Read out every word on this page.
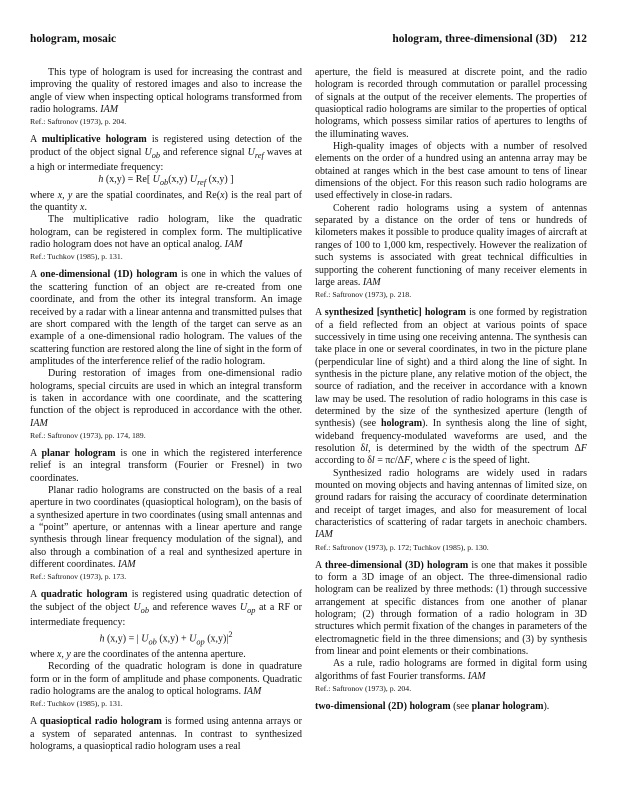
hologram, mosaic	hologram, three-dimensional (3D) 212

This type of hologram is used for increasing the contrast and improving the quality of restored images and also to increase the angle of view when inspecting optical holograms transformed from radio holograms. IAM

Ref.: Saftronov (1973), p. 204.

A multiplicative hologram is registered using detection of the product of the object signal $U_{ob}$ and reference signal $U_{ref}$ waves at a high or intermediate frequency:

h (x,y) = Re[ $U_{ob}(x,y)$ $U_{ref}$ (x,y) ]

where x, y are the spatial coordinates, and Re(x) is the real part of the quantity x.

The multiplicative radio hologram, like the quadratic hologram, can be registered in complex form. The multiplicative radio hologram does not have an optical analog. IAM

Ref.: Tuchkov (1985), p. 131.

A one-dimensional (1D) hologram is one in which the values of the scattering function of an object are re-created from one coordinate, and from the other its integral transform. An image received by a radar with a linear antenna and transmitted pulses that are short compared with the length of the target can serve as an example of a one-dimensional radio hologram. The values of the scattering function are restored along the line of sight in the form of amplitudes of the interference relief of the radio hologram.

During restoration of images from one-dimensional radio holograms, special circuits are used in which an integral transform is taken in accordance with one coordinate, and the scattering function of the object is reproduced in accordance with the other. IAM

Ref.: Saftronov (1973), pp. 174, 189.

A planar hologram is one in which the registered interference relief is an integral transform (Fourier or Fresnel) in two coordinates.

Planar radio holograms are constructed on the basis of a real aperture in two coordinates (quasioptical hologram), on the basis of a synthesized aperture in two coordinates (using small antennas and a “point” aperture, or antennas with a linear aperture and range synthesis through linear frequency modulation of the signal), and also through a combination of a real and synthesized aperture in different coordinates. IAM

Ref.: Saftronov (1973), p. 173.

A quadratic hologram is registered using quadratic detection of the subject of the object $U_{ob}$ and reference waves $U_{op}$ at a RF or intermediate frequency:

h (x,y) = | $U_{ob}$ $(x,y) + U_{op}$ $(x,y)|^2$

where x, y are the coordinates of the antenna aperture.

Recording of the quadratic hologram is done in quadrature form or in the form of amplitude and phase components. Quadratic radio holograms are the analog to optical holograms. IAM

Ref.: Tuchkov (1985), p. 131.

A quasioptical radio hologram is formed using antenna arrays or a system of separated antennas. In contrast to synthesized holograms, a quasioptical radio hologram uses a real

aperture, the field is measured at discrete point, and the radio hologram is recorded through commutation or parallel processing of signals at the output of the receiver elements. The properties of quasioptical radio holograms are similar to the properties of optical holograms, which possess similar ratios of apertures to lengths of the illuminating waves.

High-quality images of objects with a number of resolved elements on the order of a hundred using an antenna array may be obtained at ranges which in the best case amount to tens of linear dimensions of the object. For this reason such radio holograms are used effectively in close-in radars.

Coherent radio holograms using a system of antennas separated by a distance on the order of tens or hundreds of kilometers makes it possible to produce quality images of aircraft at ranges of 100 to 1,000 km, respectively. However the realization of such systems is associated with great technical difficulties in supporting the coherent functioning of many receiver elements in large areas. IAM

Ref.: Saftronov (1973), p. 218.

A synthesized [synthetic] hologram is one formed by registration of a field reflected from an object at various points of space successively in time using one receiving antenna. The synthesis can take place in one or several coordinates, in two in the picture plane (perpendicular line of sight) and a third along the line of sight. In synthesis in the picture plane, any relative motion of the object, the source of radiation, and the receiver in accordance with a known law may be used. The resolution of radio holograms in this case is determined by the size of the synthesized aperture (length of synthesis) (see hologram). In synthesis along the line of sight, wideband frequency-modulated waveforms are used, and the resolution δl, is determined by the width of the spectrum ΔF according to δl = πc/ΔF, where c is the speed of light.

Synthesized radio holograms are widely used in radars mounted on moving objects and having antennas of limited size, on ground radars for raising the accuracy of coordinate determination and receipt of target images, and also for measurement of local characteristics of scattering of radar targets in anechoic chambers. IAM

Ref.: Saftronov (1973), p. 172; Tuchkov (1985), p. 130.

A three-dimensional (3D) hologram is one that makes it possible to form a 3D image of an object. The three-dimensional radio hologram can be realized by three methods: (1) through successive arrangement at specific distances from one another of planar hologram; (2) through formation of a radio hologram in 3D structures which permit fixation of the changes in parameters of the electromagnetic field in the three dimensions; and (3) by synthesis from linear and point elements or their combinations.

As a rule, radio holograms are formed in digital form using algorithms of fast Fourier transforms. IAM

Ref.: Saftronov (1973), p. 204.

two-dimensional (2D) hologram (see planar hologram).
